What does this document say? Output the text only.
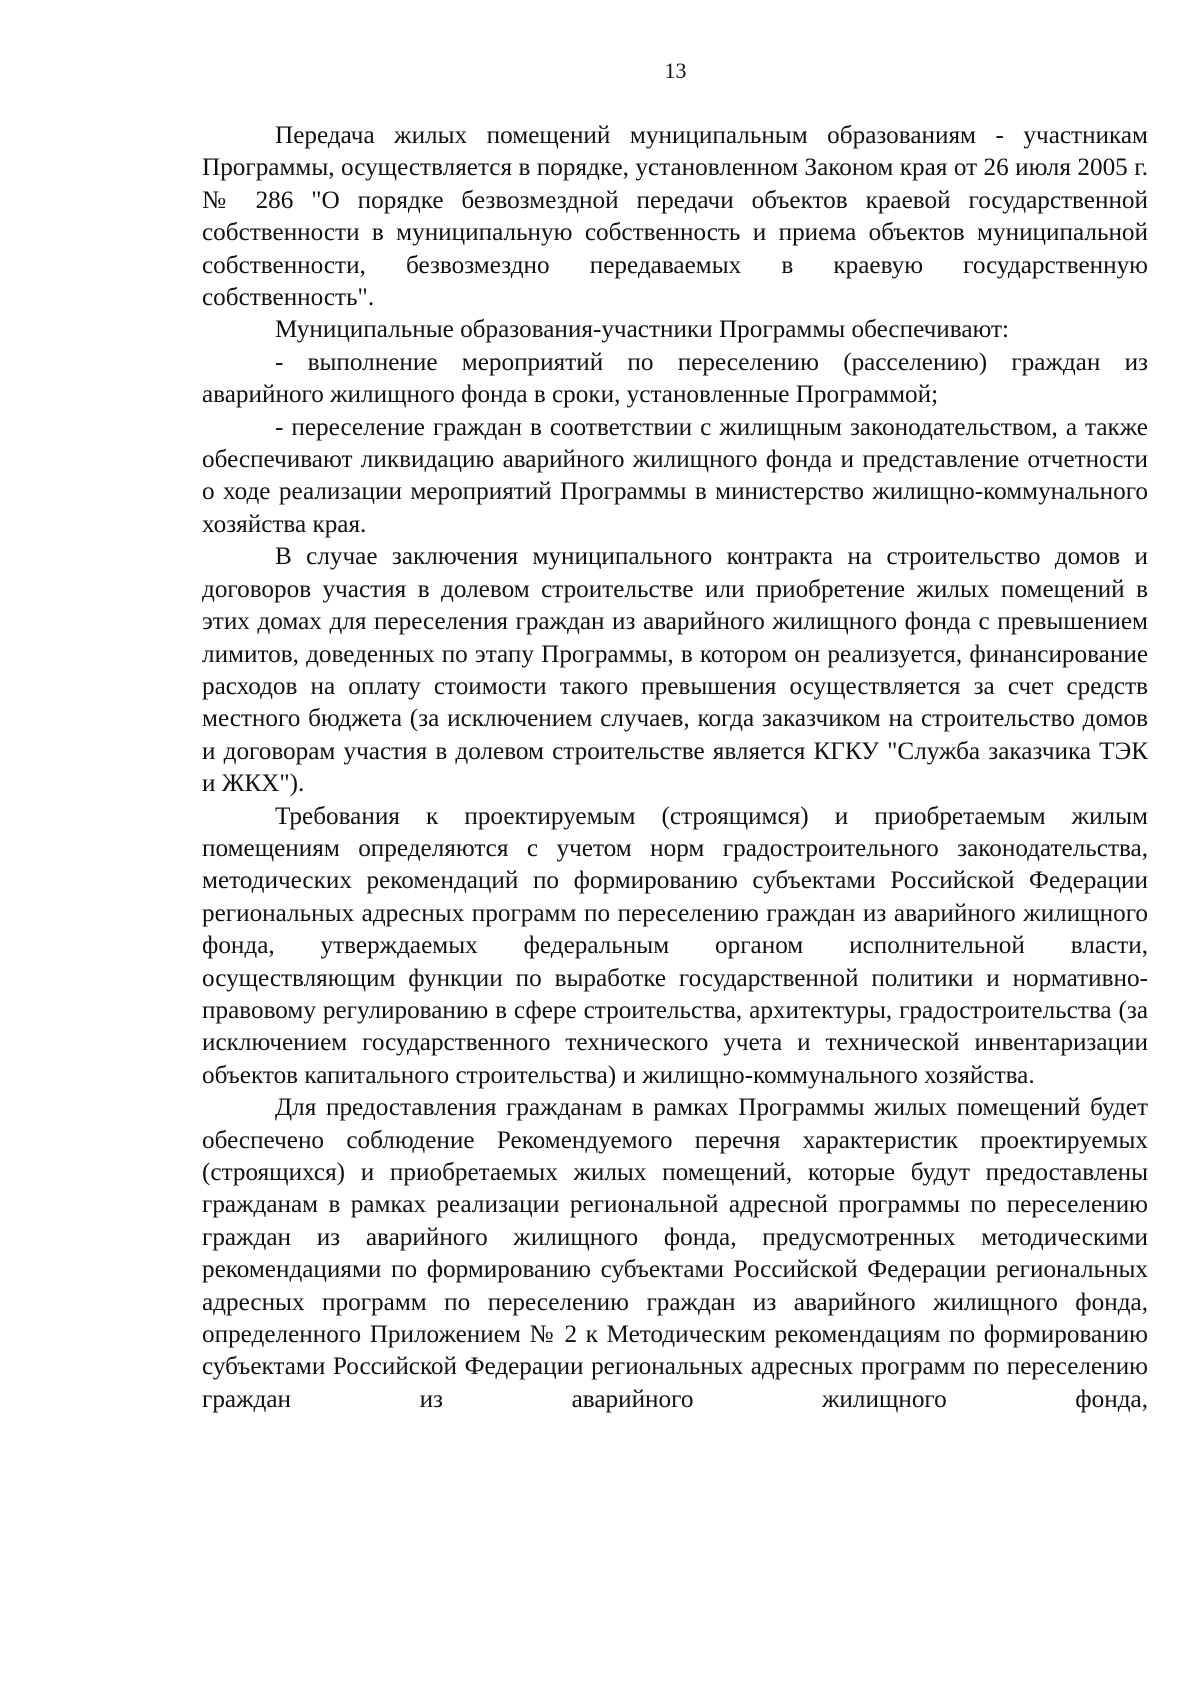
13

Передача жилых помещений муниципальным образованиям - участникам Программы, осуществляется в порядке, установленном Законом края от 26 июля 2005 г. № 286 "О порядке безвозмездной передачи объектов краевой государственной собственности в муниципальную собственность и приема объектов муниципальной собственности, безвозмездно передаваемых в краевую государственную собственность".

Муниципальные образования-участники Программы обеспечивают:

- выполнение мероприятий по переселению (расселению) граждан из аварийного жилищного фонда в сроки, установленные Программой;

- переселение граждан в соответствии с жилищным законодательством, а также обеспечивают ликвидацию аварийного жилищного фонда и представление отчетности о ходе реализации мероприятий Программы в министерство жилищно-коммунального хозяйства края.

В случае заключения муниципального контракта на строительство домов и договоров участия в долевом строительстве или приобретение жилых помещений в этих домах для переселения граждан из аварийного жилищного фонда с превышением лимитов, доведенных по этапу Программы, в котором он реализуется, финансирование расходов на оплату стоимости такого превышения осуществляется за счет средств местного бюджета (за исключением случаев, когда заказчиком на строительство домов и договорам участия в долевом строительстве является КГКУ "Служба заказчика ТЭК и ЖКХ").

Требования к проектируемым (строящимся) и приобретаемым жилым помещениям определяются с учетом норм градостроительного законодательства, методических рекомендаций по формированию субъектами Российской Федерации региональных адресных программ по переселению граждан из аварийного жилищного фонда, утверждаемых федеральным органом исполнительной власти, осуществляющим функции по выработке государственной политики и нормативно-правовому регулированию в сфере строительства, архитектуры, градостроительства (за исключением государственного технического учета и технической инвентаризации объектов капитального строительства) и жилищно-коммунального хозяйства.

Для предоставления гражданам в рамках Программы жилых помещений будет обеспечено соблюдение Рекомендуемого перечня характеристик проектируемых (строящихся) и приобретаемых жилых помещений, которые будут предоставлены гражданам в рамках реализации региональной адресной программы по переселению граждан из аварийного жилищного фонда, предусмотренных методическими рекомендациями по формированию субъектами Российской Федерации региональных адресных программ по переселению граждан из аварийного жилищного фонда, определенного Приложением № 2 к Методическим рекомендациям по формированию субъектами Российской Федерации региональных адресных программ по переселению граждан из аварийного жилищного фонда,
